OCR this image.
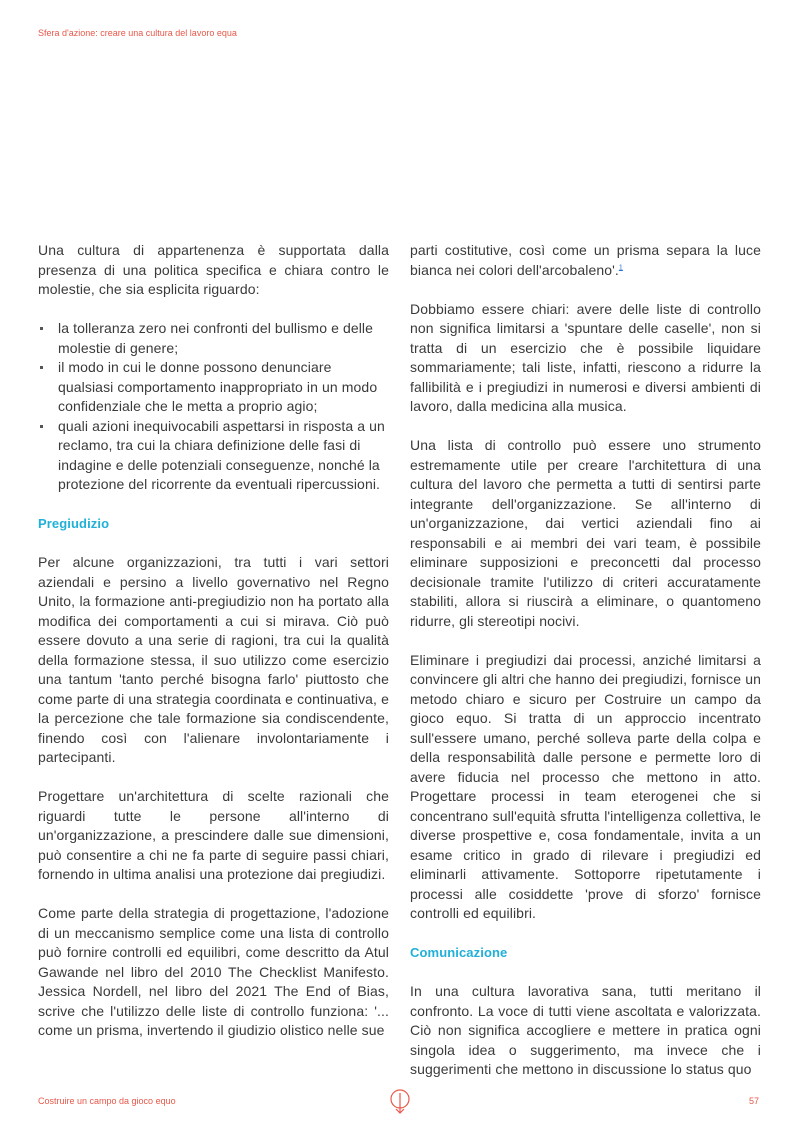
Sfera d'azione: creare una cultura del lavoro equa

Una cultura di appartenenza è supportata dalla presenza di una politica specifica e chiara contro le molestie, che sia esplicita riguardo:

la tolleranza zero nei confronti del bullismo e delle molestie di genere;
il modo in cui le donne possono denunciare qualsiasi comportamento inappropriato in un modo confidenziale che le metta a proprio agio;
quali azioni inequivocabili aspettarsi in risposta a un reclamo, tra cui la chiara definizione delle fasi di indagine e delle potenziali conseguenze, nonché la protezione del ricorrente da eventuali ripercussioni.
Pregiudizio

Per alcune organizzazioni, tra tutti i vari settori aziendali e persino a livello governativo nel Regno Unito, la formazione anti-pregiudizio non ha portato alla modifica dei comportamenti a cui si mirava. Ciò può essere dovuto a una serie di ragioni, tra cui la qualità della formazione stessa, il suo utilizzo come esercizio una tantum 'tanto perché bisogna farlo' piuttosto che come parte di una strategia coordinata e continuativa, e la percezione che tale formazione sia condiscendente, finendo così con l'alienare involontariamente i partecipanti.

Progettare un'architettura di scelte razionali che riguardi tutte le persone all'interno di un'organizzazione, a prescindere dalle sue dimensioni, può consentire a chi ne fa parte di seguire passi chiari, fornendo in ultima analisi una protezione dai pregiudizi.

Come parte della strategia di progettazione, l'adozione di un meccanismo semplice come una lista di controllo può fornire controlli ed equilibri, come descritto da Atul Gawande nel libro del 2010 The Checklist Manifesto. Jessica Nordell, nel libro del 2021 The End of Bias, scrive che l'utilizzo delle liste di controllo funziona: '... come un prisma, invertendo il giudizio olistico nelle sue

parti costitutive, così come un prisma separa la luce bianca nei colori dell'arcobaleno'.$^1$

Dobbiamo essere chiari: avere delle liste di controllo non significa limitarsi a 'spuntare delle caselle', non si tratta di un esercizio che è possibile liquidare sommariamente; tali liste, infatti, riescono a ridurre la fallibilità e i pregiudizi in numerosi e diversi ambienti di lavoro, dalla medicina alla musica.

Una lista di controllo può essere uno strumento estremamente utile per creare l'architettura di una cultura del lavoro che permetta a tutti di sentirsi parte integrante dell'organizzazione. Se all'interno di un'organizzazione, dai vertici aziendali fino ai responsabili e ai membri dei vari team, è possibile eliminare supposizioni e preconcetti dal processo decisionale tramite l'utilizzo di criteri accuratamente stabiliti, allora si riuscirà a eliminare, o quantomeno ridurre, gli stereotipi nocivi.

Eliminare i pregiudizi dai processi, anziché limitarsi a convincere gli altri che hanno dei pregiudizi, fornisce un metodo chiaro e sicuro per Costruire un campo da gioco equo. Si tratta di un approccio incentrato sull'essere umano, perché solleva parte della colpa e della responsabilità dalle persone e permette loro di avere fiducia nel processo che mettono in atto. Progettare processi in team eterogenei che si concentrano sull'equità sfrutta l'intelligenza collettiva, le diverse prospettive e, cosa fondamentale, invita a un esame critico in grado di rilevare i pregiudizi ed eliminarli attivamente. Sottoporre ripetutamente i processi alle cosiddette 'prove di sforzo' fornisce controlli ed equilibri.

Comunicazione

In una cultura lavorativa sana, tutti meritano il confronto. La voce di tutti viene ascoltata e valorizzata. Ciò non significa accogliere e mettere in pratica ogni singola idea o suggerimento, ma invece che i suggerimenti che mettono in discussione lo status quo

Costruire un campo da gioco equo	57
